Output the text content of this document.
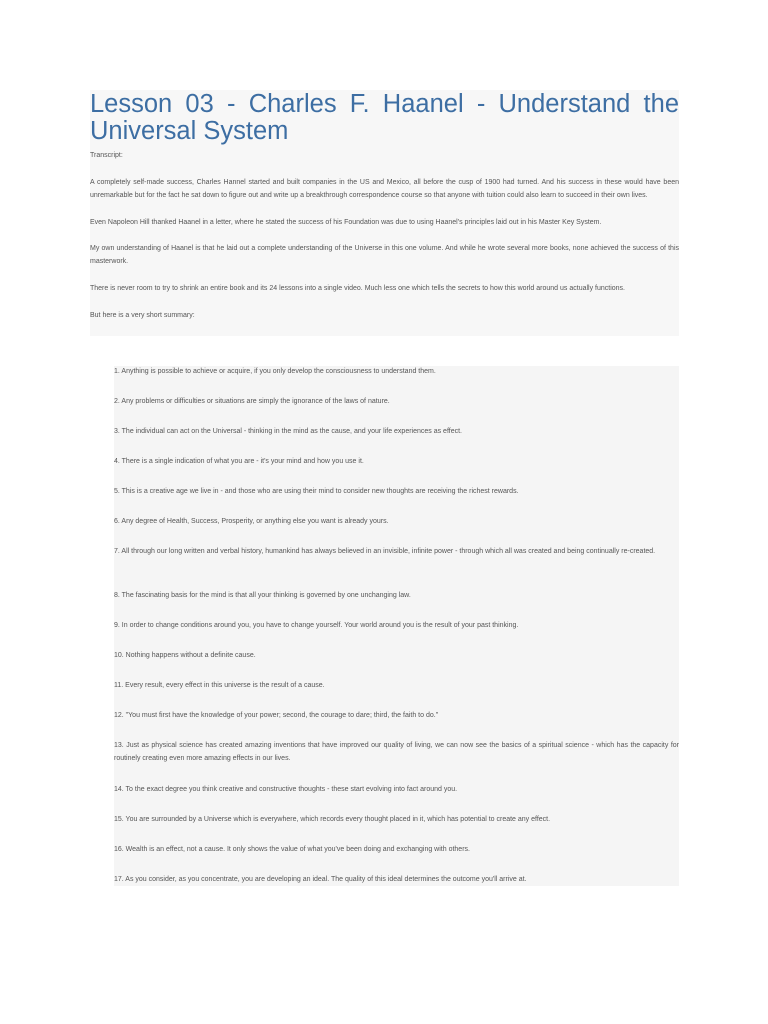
Lesson 03 - Charles F. Haanel - Understand the Universal System
Transcript:

A completely self-made success, Charles Hannel started and built companies in the US and Mexico, all before the cusp of 1900 had turned. And his success in these would have been unremarkable but for the fact he sat down to figure out and write up a breakthrough correspondence course so that anyone with tuition could also learn to succeed in their own lives.

Even Napoleon Hill thanked Haanel in a letter, where he stated the success of his Foundation was due to using Haanel's principles laid out in his Master Key System.

My own understanding of Haanel is that he laid out a complete understanding of the Universe in this one volume. And while he wrote several more books, none achieved the success of this masterwork.

There is never room to try to shrink an entire book and its 24 lessons into a single video. Much less one which tells the secrets to how this world around us actually functions.

But here is a very short summary:

1. Anything is possible to achieve or acquire, if you only develop the consciousness to understand them.

2. Any problems or difficulties or situations are simply the ignorance of the laws of nature.

3. The individual can act on the Universal - thinking in the mind as the cause, and your life experiences as effect.

4. There is a single indication of what you are - it's your mind and how you use it.

5. This is a creative age we live in - and those who are using their mind to consider new thoughts are receiving the richest rewards.

6. Any degree of Health, Success, Prosperity, or anything else you want is already yours.

7. All through our long written and verbal history, humankind has always believed in an invisible, infinite power - through which all was created and being continually re-created.

8. The fascinating basis for the mind is that all your thinking is governed by one unchanging law.

9. In order to change conditions around you, you have to change yourself. Your world around you is the result of your past thinking.

10. Nothing happens without a definite cause.

11. Every result, every effect in this universe is the result of a cause.

12. "You must first have the knowledge of your power; second, the courage to dare; third, the faith to do."

13. Just as physical science has created amazing inventions that have improved our quality of living, we can now see the basics of a spiritual science - which has the capacity for routinely creating even more amazing effects in our lives.

14. To the exact degree you think creative and constructive thoughts - these start evolving into fact around you.

15. You are surrounded by a Universe which is everywhere, which records every thought placed in it, which has potential to create any effect.

16. Wealth is an effect, not a cause. It only shows the value of what you've been doing and exchanging with others.

17. As you consider, as you concentrate, you are developing an ideal. The quality of this ideal determines the outcome you'll arrive at.
